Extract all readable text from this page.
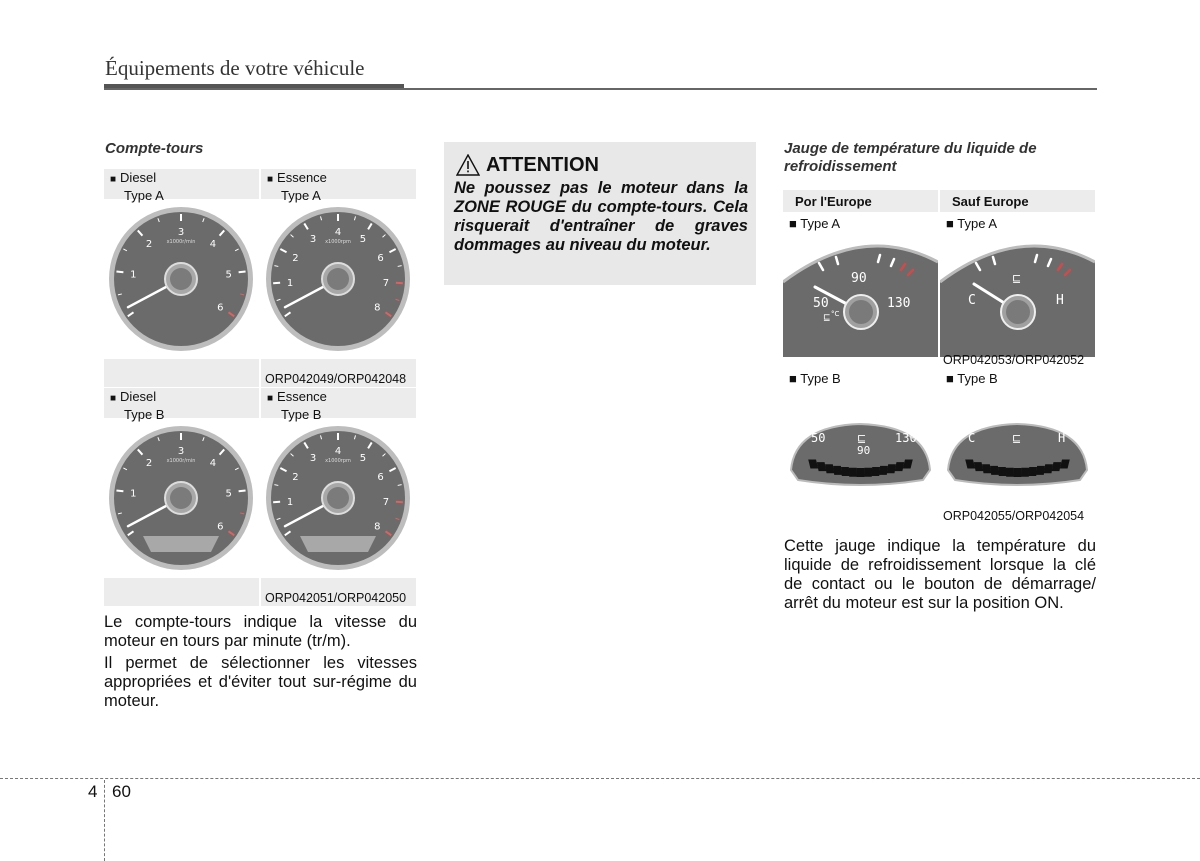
Équipements de votre véhicule
Compte-tours
■ Diesel
Type A
1
2
3
4
5
6
x1000r/min
■ Essence
Type A
1
2
3
4
5
6
7
8
x1000rpm
ORP042049/ORP042048
■ Diesel
Type B
1
2
3
4
5
6
x1000r/min
■ Essence
Type B
1
2
3
4
5
6
7
8
x1000rpm
ORP042051/ORP042050
Le compte-tours indique la vitesse du moteur en tours par minute (tr/m).
Il permet de sélectionner les vitesses appropriées et d'éviter tout sur-régime du moteur.
ATTENTION
Ne poussez pas le moteur dans la ZONE ROUGE du compte-tours. Cela risquerait d'entraîner de graves dommages au niveau du moteur.
Jauge de température du liquide de refroidissement
Por l'Europe
■ Type A
50
90
130
⊑ °C
Sauf Europe
■ Type A
C	H
⊑
ORP042053/ORP042052
■ Type B
50
90
130
⊑
■ Type B
C	H
⊑
ORP042055/ORP042054
Cette jauge indique la température du liquide de refroidissement lorsque la clé de contact ou le bouton de démarrage/ arrêt du moteur est sur la position ON.
4 60
